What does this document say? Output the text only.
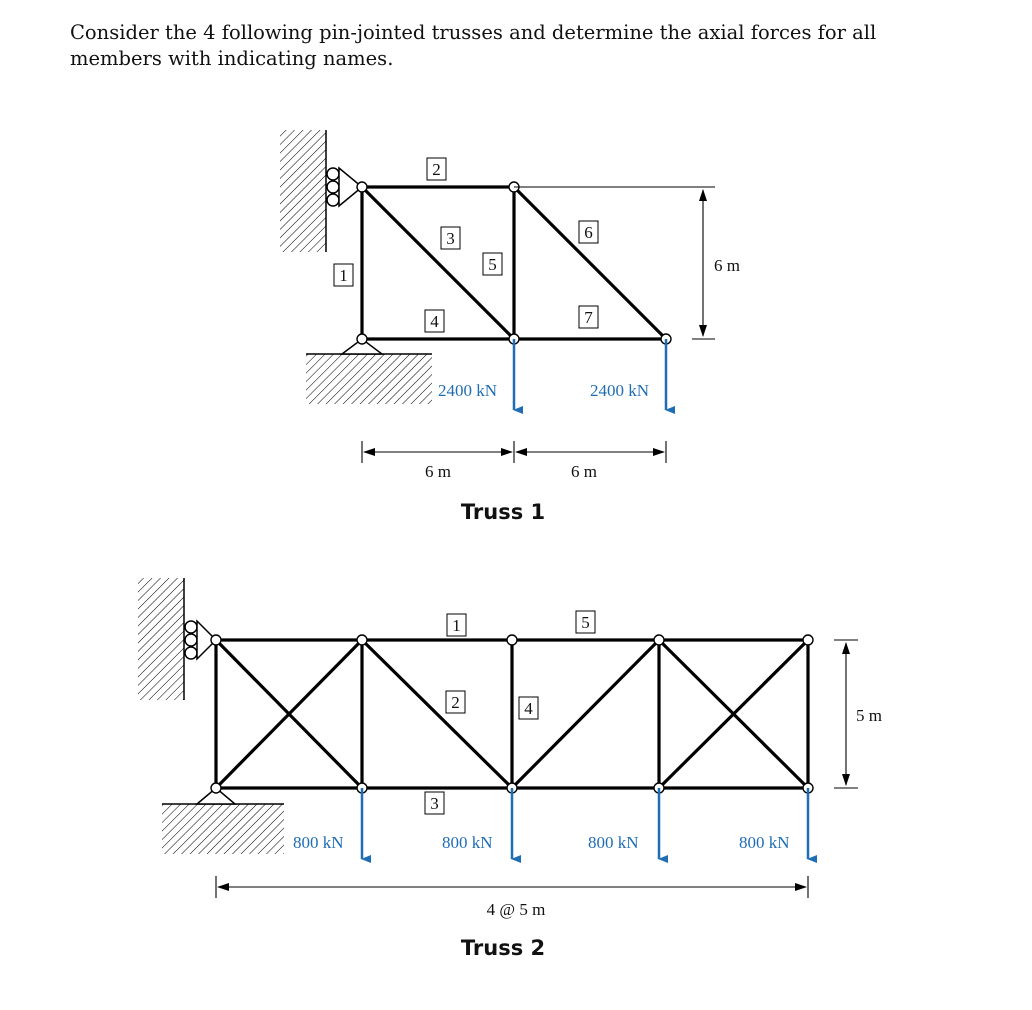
Consider the 4 following pin-jointed trusses and determine the axial forces for all members with indicating names.

1
2
3
4
5
6
7
2400 kN	2400 kN
6 m
6 m	6 m
Truss 1
1
2
3
4
5
800 kN	800 kN	800 kN	800 kN
5 m
4 @ 5 m
Truss 2
